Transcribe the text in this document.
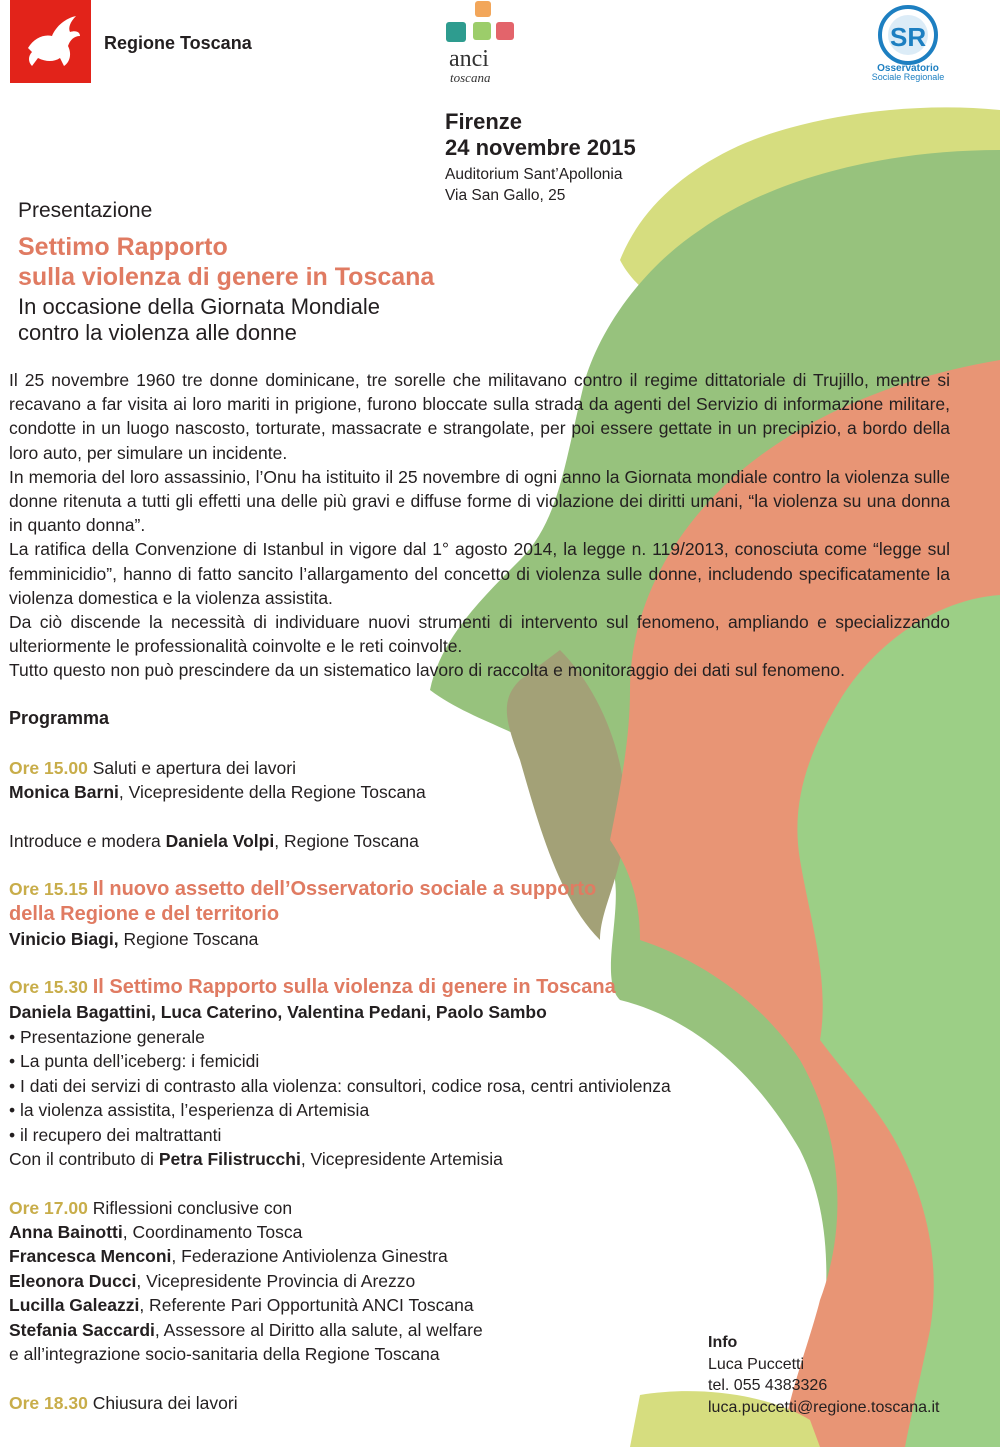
Regione Toscana
anci
toscana
SR
Osservatorio
Sociale Regionale
Firenze
24 novembre 2015
Auditorium Sant’Apollonia
Via San Gallo, 25
Presentazione
Settimo Rapporto
sulla violenza di genere in Toscana
In occasione della Giornata Mondiale
contro la violenza alle donne

Il 25 novembre 1960 tre donne dominicane, tre sorelle che militavano contro il regime dittatoriale di Trujillo, mentre si recavano a far visita ai loro mariti in prigione, furono bloccate sulla strada da agenti del Servizio di informazione militare, condotte in un luogo nascosto, torturate, massacrate e strangolate, per poi essere gettate in un precipizio, a bordo della loro auto, per simulare un incidente.

In memoria del loro assassinio, l’Onu ha istituito il 25 novembre di ogni anno la Giornata mondiale contro la violenza sulle donne ritenuta a tutti gli effetti una delle più gravi e diffuse forme di violazione dei diritti umani, “la violenza su una donna in quanto donna”.

La ratifica della Convenzione di Istanbul in vigore dal 1° agosto 2014, la legge n. 119/2013, conosciuta come “legge sul femminicidio”, hanno di fatto sancito l’allargamento del concetto di violenza sulle donne, includendo specificatamente la violenza domestica e la violenza assistita.

Da ciò discende la necessità di individuare nuovi strumenti di intervento sul fenomeno, ampliando e specializzando ulteriormente le professionalità coinvolte e le reti coinvolte.

Tutto questo non può prescindere da un sistematico lavoro di raccolta e monitoraggio dei dati sul fenomeno.

Programma
Ore 15.00 Saluti e apertura dei lavori
Monica Barni, Vicepresidente della Regione Toscana
Introduce e modera Daniela Volpi, Regione Toscana
Ore 15.15 Il nuovo assetto dell’Osservatorio sociale a supporto
della Regione e del territorio
Vinicio Biagi, Regione Toscana
Ore 15.30 Il Settimo Rapporto sulla violenza di genere in Toscana
Daniela Bagattini, Luca Caterino, Valentina Pedani, Paolo Sambo
• Presentazione generale
• La punta dell’iceberg: i femicidi
• I dati dei servizi di contrasto alla violenza: consultori, codice rosa, centri antiviolenza
• la violenza assistita, l’esperienza di Artemisia
• il recupero dei maltrattanti
Con il contributo di Petra Filistrucchi, Vicepresidente Artemisia
Ore 17.00 Riflessioni conclusive con
Anna Bainotti, Coordinamento Tosca
Francesca Menconi, Federazione Antiviolenza Ginestra
Eleonora Ducci, Vicepresidente Provincia di Arezzo
Lucilla Galeazzi, Referente Pari Opportunità ANCI Toscana
Stefania Saccardi, Assessore al Diritto alla salute, al welfare
e all’integrazione socio-sanitaria della Regione Toscana
Ore 18.30 Chiusura dei lavori
Info
Luca Puccetti
tel. 055 4383326
luca.puccetti@regione.toscana.it
